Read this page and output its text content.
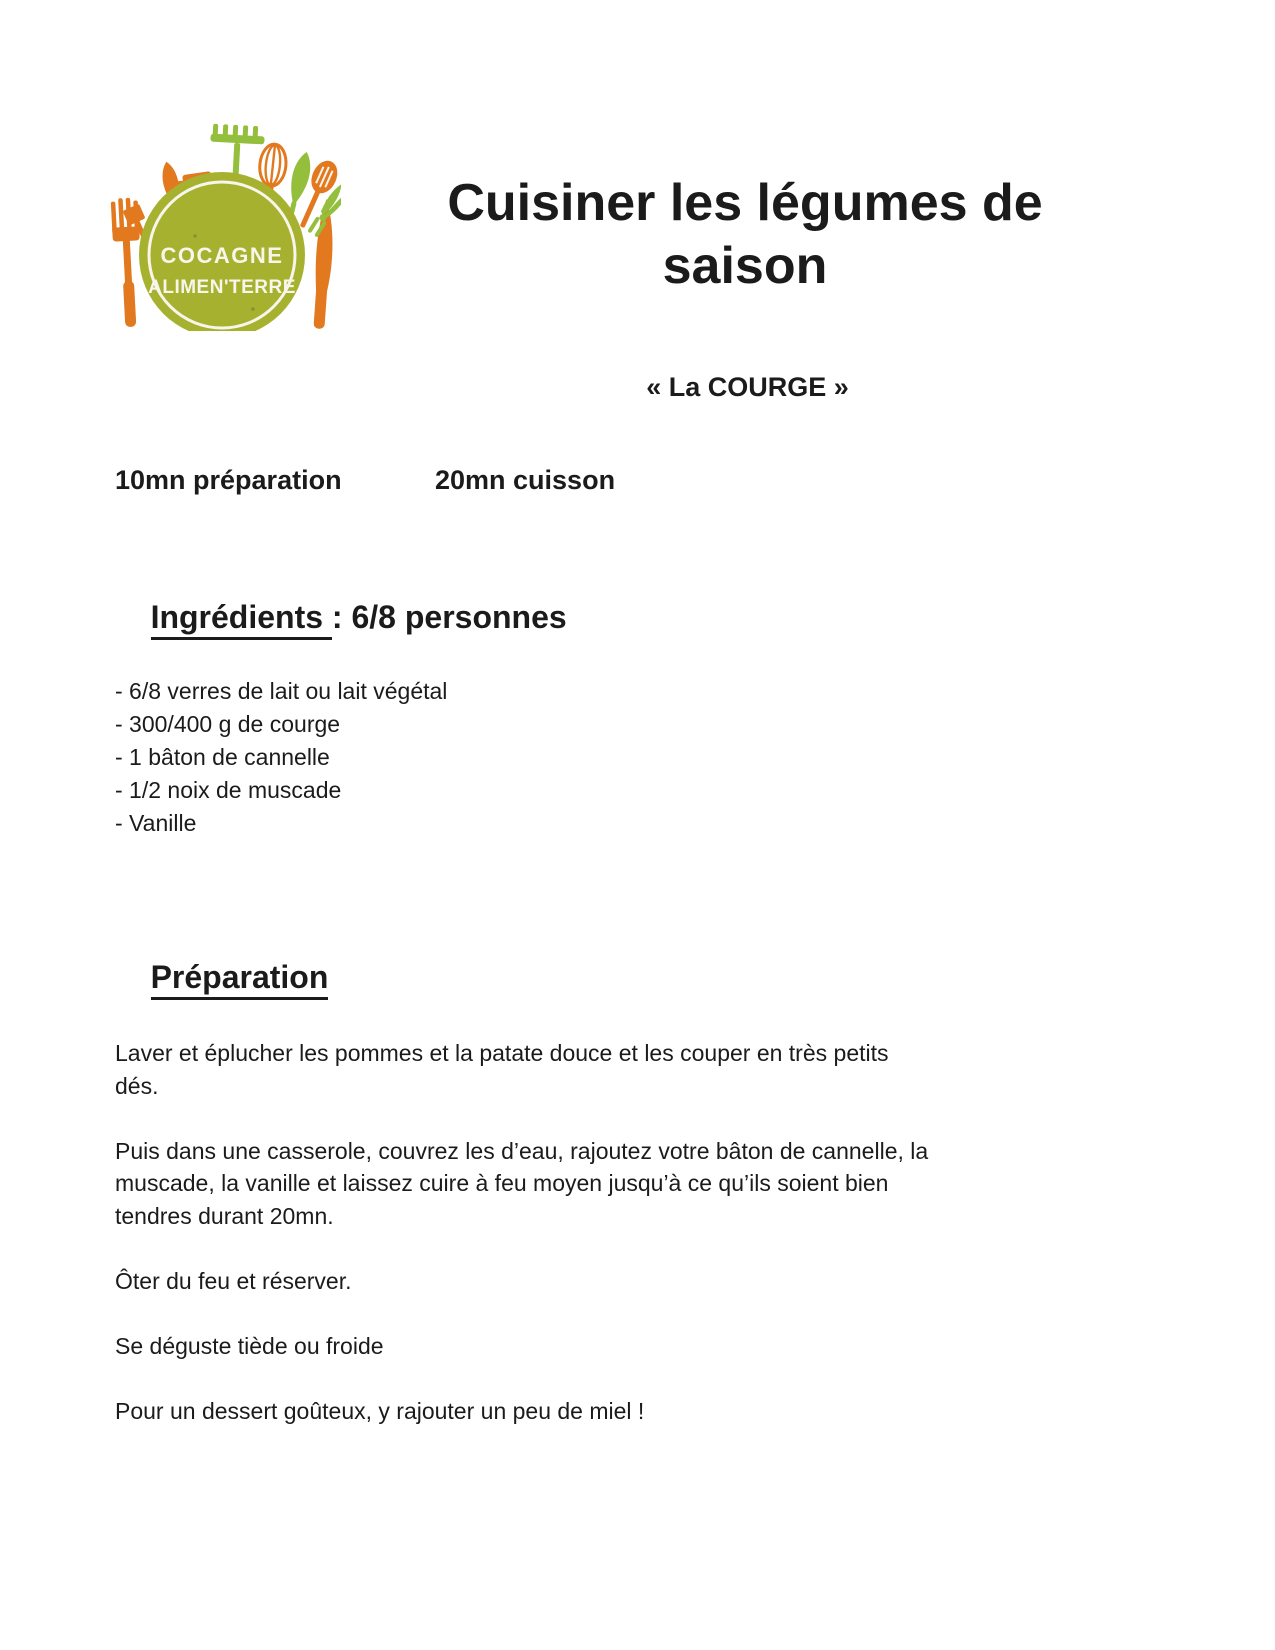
COCAGNE
ALIMEN'TERRE
Cuisiner les légumes de
saison
« La COURGE »
10mn préparation	20mn cuisson

Ingrédients : 6/8 personnes

- 6/8 verres de lait ou lait végétal
- 300/400 g de courge
- 1 bâton de cannelle
- 1/2 noix de muscade
- Vanille

Préparation

Laver et éplucher les pommes et la patate douce et les couper en très petits
dés.
Puis dans une casserole, couvrez les d’eau, rajoutez votre bâton de cannelle, la
muscade, la vanille et laissez cuire à feu moyen jusqu’à ce qu’ils soient bien
tendres durant 20mn.
Ôter du feu et réserver.
Se déguste tiède ou froide
Pour un dessert goûteux, y rajouter un peu de miel !
